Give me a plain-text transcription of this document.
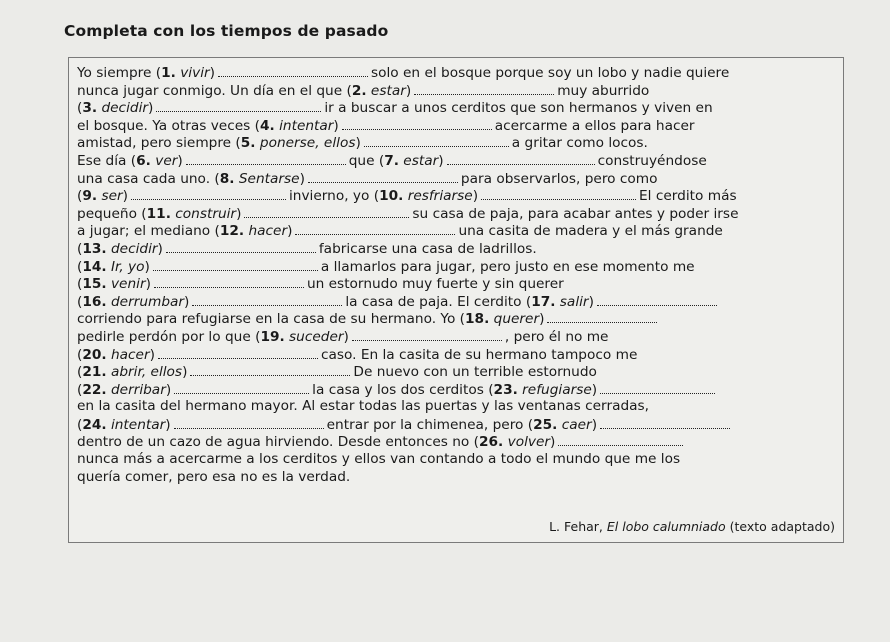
Completa con los tiempos de pasado
Yo siempre (1. vivir)	solo en el bosque porque soy un lobo y nadie quiere
nunca jugar conmigo. Un día en el que (2. estar)	muy aburrido
(3. decidir)	ir a buscar a unos cerditos que son hermanos y viven en
el bosque. Ya otras veces (4. intentar)	acercarme a ellos para hacer
amistad, pero siempre (5. ponerse, ellos)	a gritar como locos.
Ese día (6. ver)	que (7. estar)	construyéndose
una casa cada uno. (8. Sentarse)	para observarlos, pero como
(9. ser)	invierno, yo (10. resfriarse)	El cerdito más
pequeño (11. construir)	su casa de paja, para acabar antes y poder irse
a jugar; el mediano (12. hacer)	una casita de madera y el más grande
(13. decidir)	fabricarse una casa de ladrillos.
(14. Ir, yo)	a llamarlos para jugar, pero justo en ese momento me
(15. venir)	un estornudo muy fuerte y sin querer
(16. derrumbar)	la casa de paja. El cerdito (17. salir)
corriendo para refugiarse en la casa de su hermano. Yo (18. querer)
pedirle perdón por lo que (19. suceder)	, pero él no me
(20. hacer)	caso. En la casita de su hermano tampoco me
(21. abrir, ellos)	De nuevo con un terrible estornudo
(22. derribar)	la casa y los dos cerditos (23. refugiarse)
en la casita del hermano mayor. Al estar todas las puertas y las ventanas cerradas,
(24. intentar)	entrar por la chimenea, pero (25. caer)
dentro de un cazo de agua hirviendo. Desde entonces no (26. volver)
nunca más a acercarme a los cerditos y ellos van contando a todo el mundo que me los
quería comer, pero esa no es la verdad.
L. Fehar, El lobo calumniado (texto adaptado)
